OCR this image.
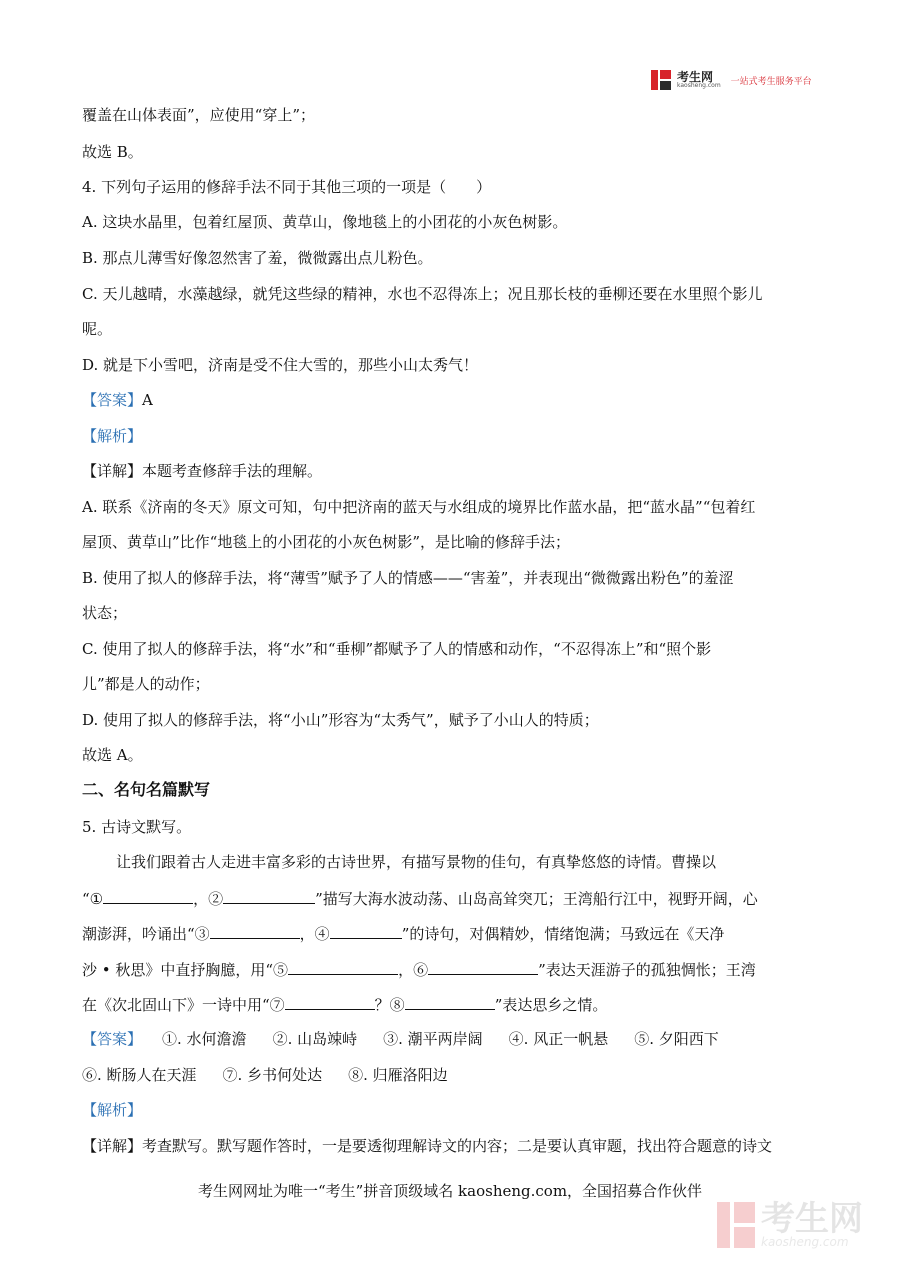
考生网
kaosheng.com 一站式考生服务平台

覆盖在山体表面”，应使用“穿上”；

故选 B。

4. 下列句子运用的修辞手法不同于其他三项的一项是（　　）

A. 这块水晶里，包着红屋顶、黄草山，像地毯上的小团花的小灰色树影。

B. 那点儿薄雪好像忽然害了羞，微微露出点儿粉色。

C. 天儿越晴，水藻越绿，就凭这些绿的精神，水也不忍得冻上；况且那长枝的垂柳还要在水里照个影儿

呢。

D. 就是下小雪吧，济南是受不住大雪的，那些小山太秀气！

【答案】A

【解析】

【详解】本题考查修辞手法的理解。

A. 联系《济南的冬天》原文可知，句中把济南的蓝天与水组成的境界比作蓝水晶，把“蓝水晶”“包着红

屋顶、黄草山”比作“地毯上的小团花的小灰色树影”，是比喻的修辞手法；

B. 使用了拟人的修辞手法，将“薄雪”赋予了人的情感——“害羞”，并表现出“微微露出粉色”的羞涩

状态；

C. 使用了拟人的修辞手法，将“水”和“垂柳”都赋予了人的情感和动作，“不忍得冻上”和“照个影

儿”都是人的动作；

D. 使用了拟人的修辞手法，将“小山”形容为“太秀气”，赋予了小山人的特质；

故选 A。

二、名句名篇默写

5. 古诗文默写。

让我们跟着古人走进丰富多彩的古诗世界，有描写景物的佳句，有真挚悠悠的诗情。曹操以

“①	，②	”描写大海水波动荡、山岛高耸突兀；王湾船行江中，视野开阔，心

潮澎湃，吟诵出“③	，④	”的诗句，对偶精妙，情绪饱满；马致远在《天净

沙 • 秋思》中直抒胸臆，用“⑤	，⑥	”表达天涯游子的孤独惆怅；王湾

在《次北固山下》一诗中用“⑦	？⑧	”表达思乡之情。

【答案】 ①. 水何澹澹 ②. 山岛竦峙 ③. 潮平两岸阔 ④. 风正一帆悬 ⑤. 夕阳西下

⑥. 断肠人在天涯 ⑦. 乡书何处达 ⑧. 归雁洛阳边

【解析】

【详解】考查默写。默写题作答时，一是要透彻理解诗文的内容；二是要认真审题，找出符合题意的诗文

考生网网址为唯一“考生”拼音顶级域名 kaosheng.com，全国招募合作伙伴
考生网
kaosheng.com
